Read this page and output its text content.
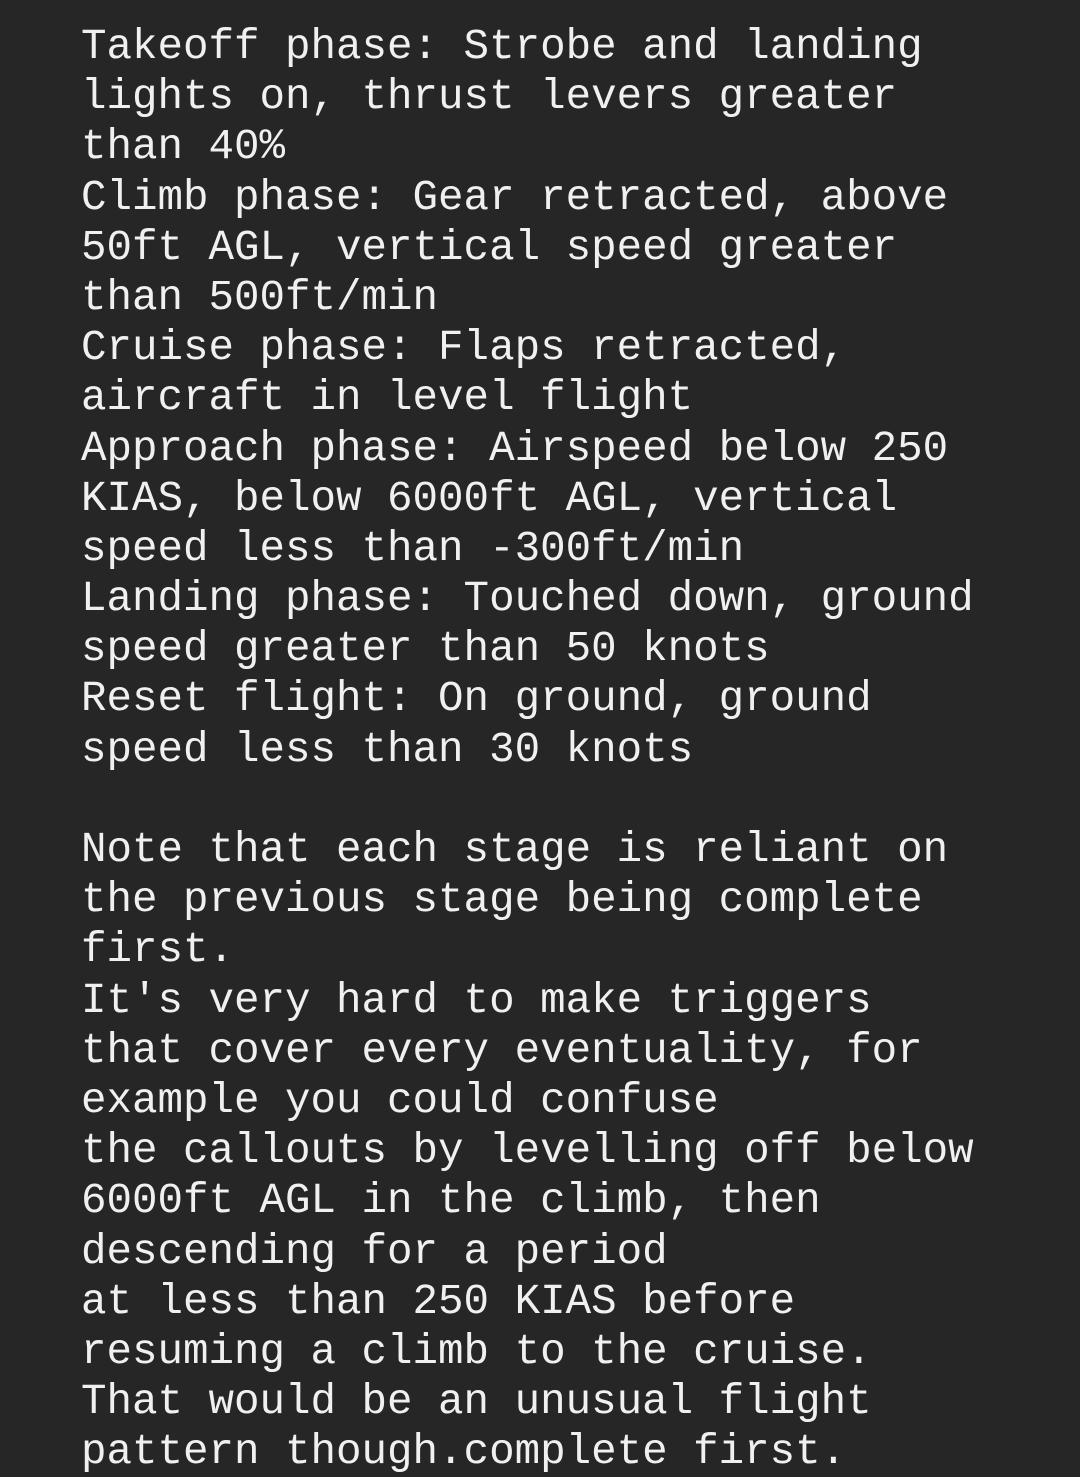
Takeoff phase: Strobe and landing
lights on, thrust levers greater
than 40%
Climb phase: Gear retracted, above
50ft AGL, vertical speed greater
than 500ft/min
Cruise phase: Flaps retracted,
aircraft in level flight
Approach phase: Airspeed below 250
KIAS, below 6000ft AGL, vertical
speed less than -300ft/min
Landing phase: Touched down, ground
speed greater than 50 knots
Reset flight: On ground, ground
speed less than 30 knots
Note that each stage is reliant on
the previous stage being complete
first.
It's very hard to make triggers
that cover every eventuality, for
example you could confuse
the callouts by levelling off below
6000ft AGL in the climb, then
descending for a period
at less than 250 KIAS before
resuming a climb to the cruise.
That would be an unusual flight
pattern though.complete first.
